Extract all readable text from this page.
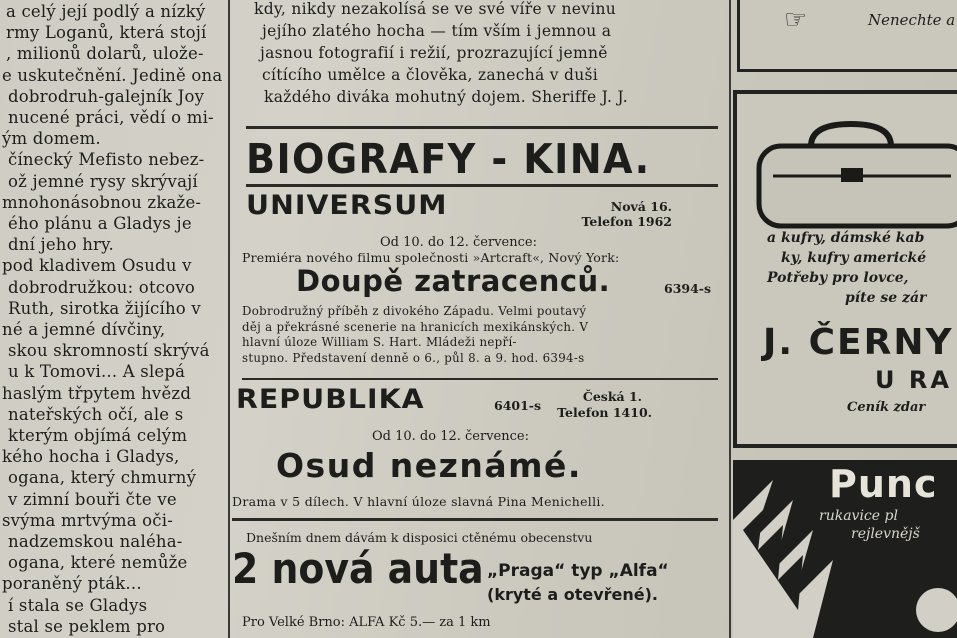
a celý její podlý a nízký
rmy Loganů, která stojí
, milionů dolarů, ulože-
e uskutečnění. Jedině ona
dobrodruh-galejník Joy
nucené práci, vědí o mi-
ým domem.
čínecký Mefisto nebez-
ož jemné rysy skrývají
mnohonásobnou zkaže-
ého plánu a Gladys je
dní jeho hry.
pod kladivem Osudu v
dobrodružkou: otcovo
Ruth, sirotka žijícího v
né a jemné dívčiny,
skou skromností skrývá
u k Tomovi... A slepá
haslým třpytem hvězd
nateřských očí, ale s
kterým objímá celým
kého hocha i Gladys,
ogana, který chmurný
v zimní bouři čte ve
svýma mrtvýma oči-
nadzemskou naléha-
ogana, které nemůže
poraněný pták...
í stala se Gladys
stal se peklem pro
kdy, nikdy nezakolísá se ve své víře v nevinu
jejího zlatého hocha — tím vším i jemnou a
jasnou fotografií i režií, prozrazující jemně
cítícího umělce a člověka, zanechá v duši
každého diváka mohutný dojem. Sheriffe J. J.
BIOGRAFY - KINA.
UNIVERSUM	Nová 16.
Telefon 1962
Od 10. do 12. července:
Premiéra nového filmu společnosti »Artcraft«, Nový York:
Doupě zatracenců.	6394-s
Dobrodružný příběh z divokého Západu. Velmi poutavý
děj a překrásné scenerie na hranicích mexikánských. V
hlavní úloze William S. Hart. Mládeži nepří-
stupno. Představení denně o 6., půl 8. a 9. hod. 6394-s
REPUBLIKA	6401-s
Česká 1.
Telefon 1410.
Od 10. do 12. července:
Osud neznámé.
Drama v 5 dílech. V hlavní úloze slavná Pina Menichelli.
Dnešním dnem dávám k disposici ctěnému obecenstvu
2 nová auta „Praga“ typ „Alfa“
(kryté a otevřené).
Pro Velké Brno: ALFA Kč 5.— za 1 km
☞	Nenechte a
a kufry, dámské kab
ky, kufry americké
Potřeby pro lovce,
píte se zár
J. ČERNY
U RA
Ceník zdar
Punc
rukavice pl
rejlevnějš
